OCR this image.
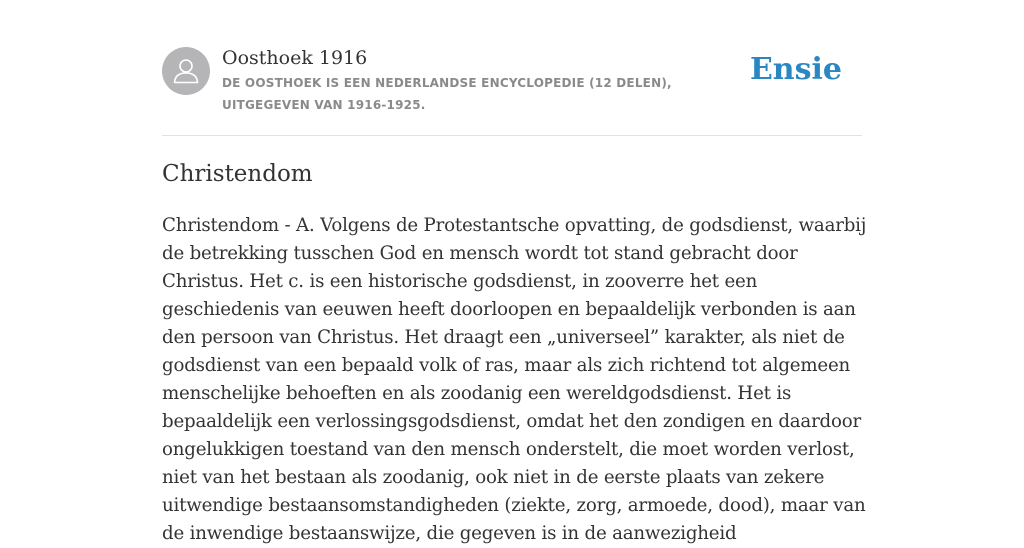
Oosthoek 1916
DE OOSTHOEK IS EEN NEDERLANDSE ENCYCLOPEDIE (12 DELEN), UITGEGEVEN VAN 1916-1925.
Ensie
Christendom

Christendom - A. Volgens de Protestantsche opvatting, de godsdienst, waarbij de betrekking tusschen God en mensch wordt tot stand gebracht door Christus. Het c. is een historische godsdienst, in zooverre het een geschiedenis van eeuwen heeft doorloopen en bepaaldelijk verbonden is aan den persoon van Christus. Het draagt een „universeel” karakter, als niet de godsdienst van een bepaald volk of ras, maar als zich richtend tot algemeen menschelijke behoeften en als zoodanig een wereldgodsdienst. Het is bepaaldelijk een verlossingsgodsdienst, omdat het den zondigen en daardoor ongelukkigen toestand van den mensch onderstelt, die moet worden verlost, niet van het bestaan als zoodanig, ook niet in de eerste plaats van zekere uitwendige bestaansomstandigheden (ziekte, zorg, armoede, dood), maar van de inwendige bestaanswijze, die gegeven is in de aanwezigheid
